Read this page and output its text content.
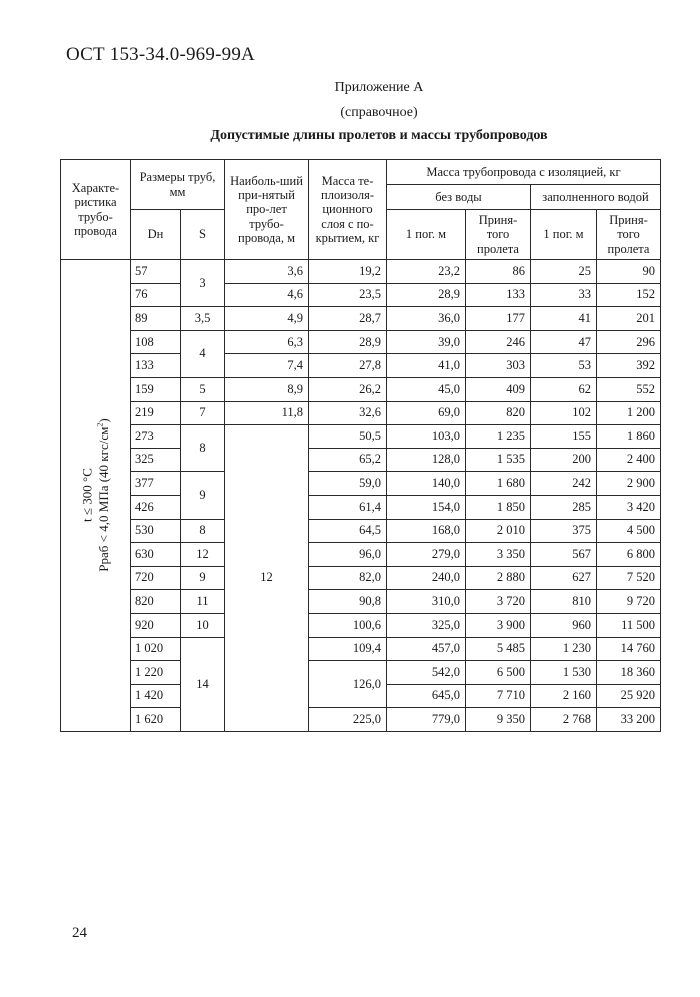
ОСТ 153-34.0-969-99А
Приложение А
(справочное)
Допустимые длины пролетов и массы трубопроводов
Характе-ристика трубо-провода	Размеры труб, мм		Наиболь-ший при-нятый про-лет трубо-провода, м	Масса те-плоизоля-ционного слоя с по-крытием, кг	Масса трубопровода с изоляцией, кг			
					без воды		заполненного водой	
	Dн	S			1 пог. м	Приня-того пролета	1 пог. м	Приня-того пролета

t ≤ 300 °С Pраб < 4,0 МПа (40 кгс/$см^2$)	57	3	3,6	19,2	23,2	86	25	90
	76		4,6	23,5	28,9	133	33	152
	89	3,5	4,9	28,7	36,0	177	41	201
	108	4	6,3	28,9	39,0	246	47	296
	133		7,4	27,8	41,0	303	53	392
	159	5	8,9	26,2	45,0	409	62	552
	219	7	11,8	32,6	69,0	820	102	1 200
	273	8	12	50,5	103,0	1 235	155	1 860
	325			65,2	128,0	1 535	200	2 400
	377	9		59,0	140,0	1 680	242	2 900
	426			61,4	154,0	1 850	285	3 420
	530	8		64,5	168,0	2 010	375	4 500
	630	12		96,0	279,0	3 350	567	6 800
	720	9		82,0	240,0	2 880	627	7 520
	820	11		90,8	310,0	3 720	810	9 720
	920	10		100,6	325,0	3 900	960	11 500
	1 020	14		109,4	457,0	5 485	1 230	14 760
	1 220			126,0	542,0	6 500	1 530	18 360
	1 420				645,0	7 710	2 160	25 920
	1 620			225,0	779,0	9 350	2 768	33 200
24
